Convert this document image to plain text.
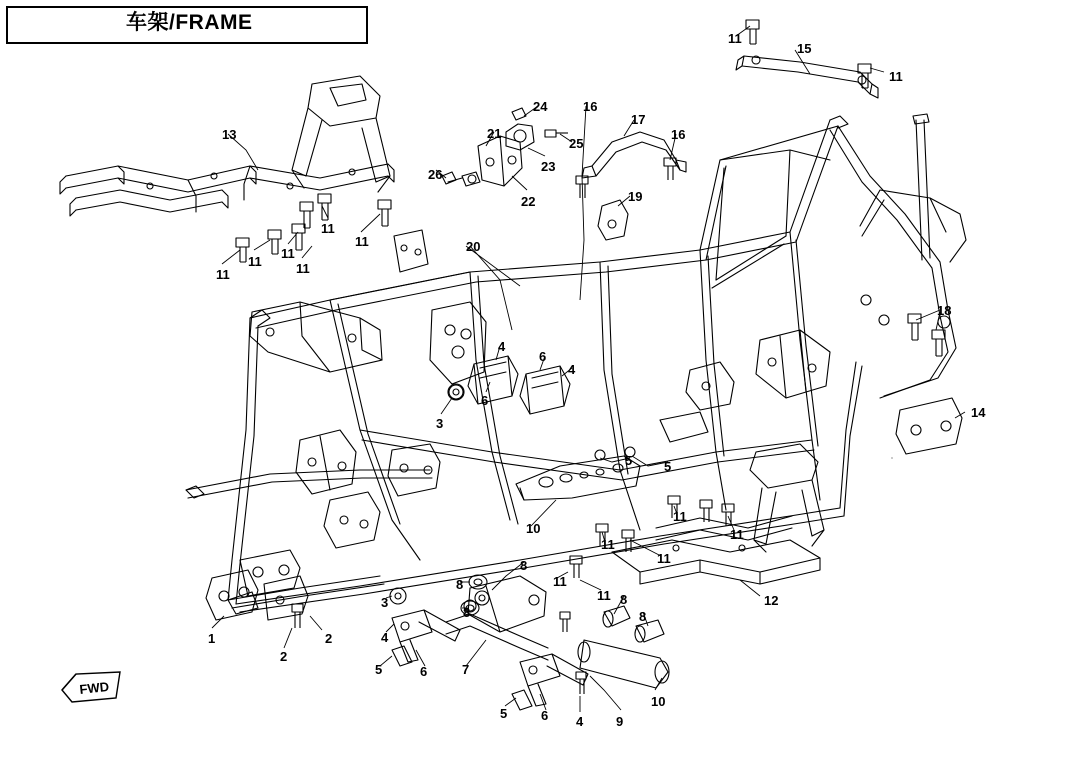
车架/FRAME
FWD
13
11
11
11
11
11
11
11
11
15
16
16
17
19
20
21
22
23
24
25
26
18
14
3
4
4
6
6
5 5
10
11
11
11
11
11
11
12
8
8
8
8
8
9
10
7
6
6
5
5
4
4
3
1
2
2
